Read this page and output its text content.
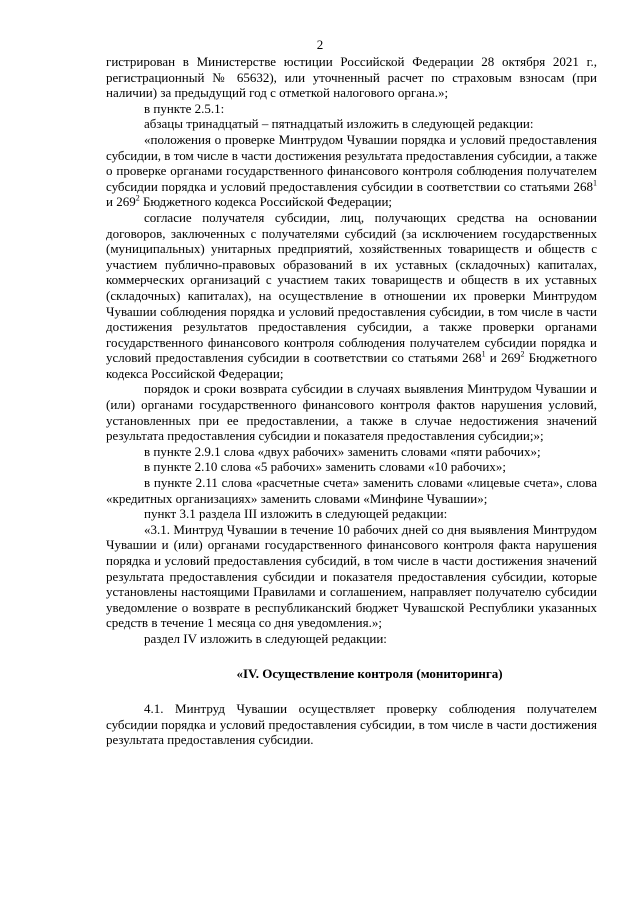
2

гистрирован в Министерстве юстиции Российской Федерации 28 октября 2021 г., регистрационный № 65632), или уточненный расчет по страховым взносам (при наличии) за предыдущий год с отметкой налогового органа.»;

в пункте 2.5.1:

абзацы тринадцатый – пятнадцатый изложить в следующей редакции:

«положения о проверке Минтрудом Чувашии порядка и условий предоставления субсидии, в том числе в части достижения результата предоставления субсидии, а также о проверке органами государственного финансового контроля соблюдения получателем субсидии порядка и условий предоставления субсидии в соответствии со статьями $268^1$ и $269^2$ Бюджетного кодекса Российской Федерации;

согласие получателя субсидии, лиц, получающих средства на основании договоров, заключенных с получателями субсидий (за исключением государственных (муниципальных) унитарных предприятий, хозяйственных товариществ и обществ с участием публично-правовых образований в их уставных (складочных) капиталах, коммерческих организаций с участием таких товариществ и обществ в их уставных (складочных) капиталах), на осуществление в отношении их проверки Минтрудом Чувашии соблюдения порядка и условий предоставления субсидии, в том числе в части достижения результатов предоставления субсидии, а также проверки органами государственного финансового контроля соблюдения получателем субсидии порядка и условий предоставления субсидии в соответствии со статьями $268^1$ и $269^2$ Бюджетного кодекса Российской Федерации;

порядок и сроки возврата субсидии в случаях выявления Минтрудом Чувашии и (или) органами государственного финансового контроля фактов нарушения условий, установленных при ее предоставлении, а также в случае недостижения значений результата предоставления субсидии и показателя предоставления субсидии;»;

в пункте 2.9.1 слова «двух рабочих» заменить словами «пяти рабочих»;

в пункте 2.10 слова «5 рабочих» заменить словами «10 рабочих»;

в пункте 2.11 слова «расчетные счета» заменить словами «лицевые счета», слова «кредитных организациях» заменить словами «Минфине Чувашии»;

пункт 3.1 раздела III изложить в следующей редакции:

«3.1. Минтруд Чувашии в течение 10 рабочих дней со дня выявления Минтрудом Чувашии и (или) органами государственного финансового контроля факта нарушения порядка и условий предоставления субсидий, в том числе в части достижения значений результата предоставления субсидии и показателя предоставления субсидии, которые установлены настоящими Правилами и соглашением, направляет получателю субсидии уведомление о возврате в республиканский бюджет Чувашской Республики указанных средств в течение 1 месяца со дня уведомления.»;

раздел IV изложить в следующей редакции:

«IV. Осуществление контроля (мониторинга)

4.1. Минтруд Чувашии осуществляет проверку соблюдения получателем субсидии порядка и условий предоставления субсидии, в том числе в части достижения результата предоставления субсидии.
